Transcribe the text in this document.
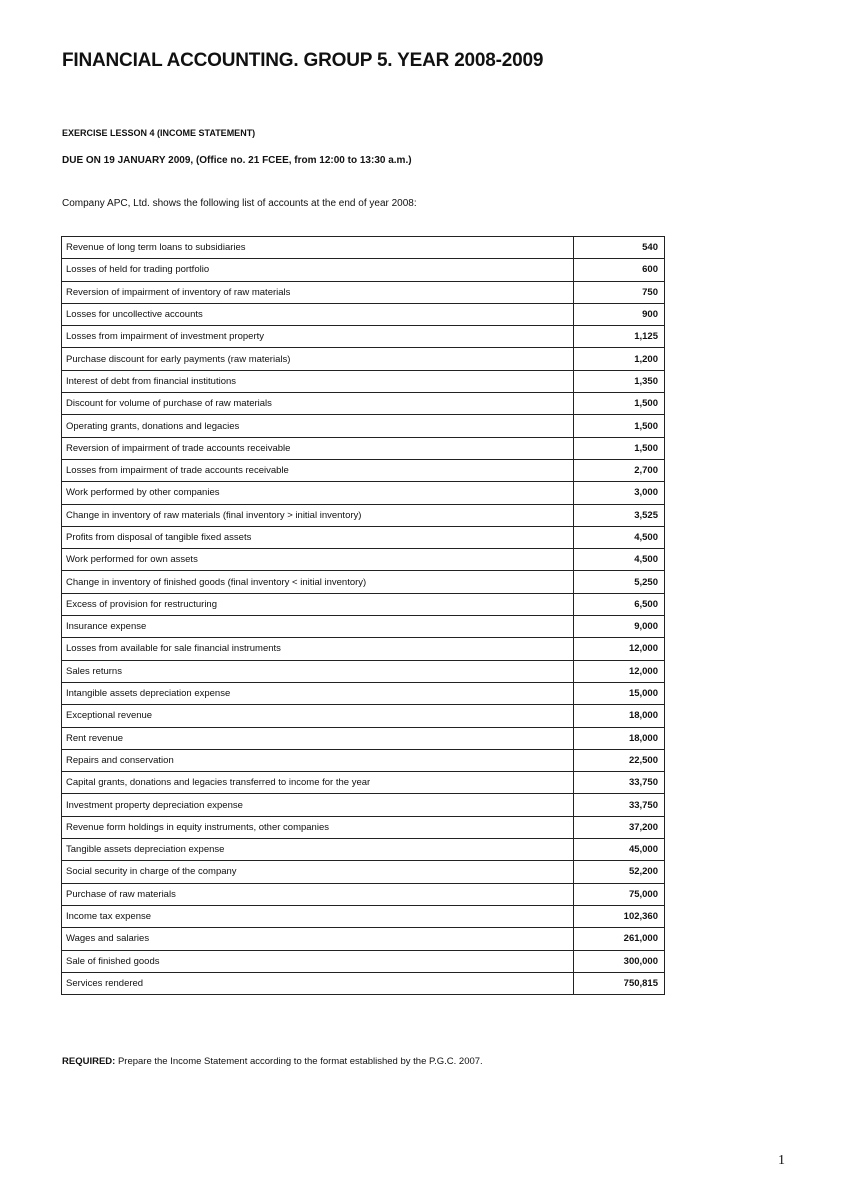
FINANCIAL ACCOUNTING. GROUP 5. YEAR 2008-2009
EXERCISE LESSON 4 (INCOME STATEMENT)
DUE ON 19 JANUARY 2009, (Office no. 21 FCEE, from 12:00 to 13:30 a.m.)
Company APC, Ltd. shows the following list of accounts at the end of year 2008:
Revenue of long term loans to subsidiaries	540
Losses of held for trading portfolio	600
Reversion of impairment of inventory of raw materials	750
Losses for uncollective accounts	900
Losses from impairment of investment property	1,125
Purchase discount for early payments (raw materials)	1,200
Interest of debt from financial institutions	1,350
Discount for volume of purchase of raw materials	1,500
Operating grants, donations and legacies	1,500
Reversion of impairment of trade accounts receivable	1,500
Losses from impairment of trade accounts receivable	2,700
Work performed by other companies	3,000
Change in inventory of raw materials (final inventory > initial inventory)	3,525
Profits from disposal of tangible fixed assets	4,500
Work performed for own assets	4,500
Change in inventory of finished goods (final inventory < initial inventory)	5,250
Excess of provision for restructuring	6,500
Insurance expense	9,000
Losses from available for sale financial instruments	12,000
Sales returns	12,000
Intangible assets depreciation expense	15,000
Exceptional revenue	18,000
Rent revenue	18,000
Repairs and conservation	22,500
Capital grants, donations and legacies transferred to income for the year	33,750
Investment property depreciation expense	33,750
Revenue form holdings in equity instruments, other companies	37,200
Tangible assets depreciation expense	45,000
Social security in charge of the company	52,200
Purchase of raw materials	75,000
Income tax expense	102,360
Wages and salaries	261,000
Sale of finished goods	300,000
Services rendered	750,815
REQUIRED: Prepare the Income Statement according to the format established by the P.G.C. 2007.
1
